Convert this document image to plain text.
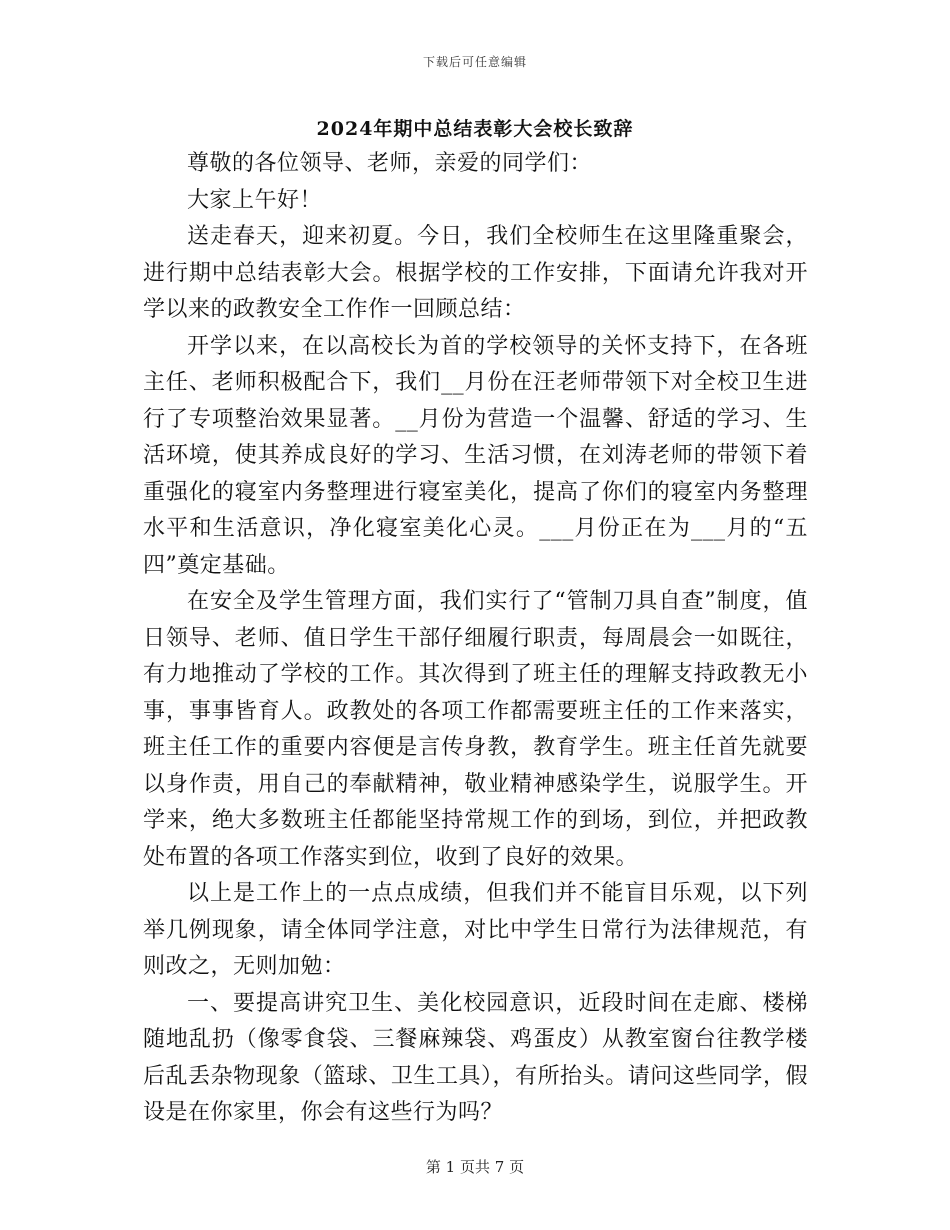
下载后可任意编辑
2024年期中总结表彰大会校长致辞

尊敬的各位领导、老师，亲爱的同学们：

大家上午好！

送走春天，迎来初夏。今日，我们全校师生在这里隆重聚会，进行期中总结表彰大会。根据学校的工作安排，下面请允许我对开学以来的政教安全工作作一回顾总结：

开学以来，在以高校长为首的学校领导的关怀支持下，在各班主任、老师积极配合下，我们__月份在汪老师带领下对全校卫生进行了专项整治效果显著。__月份为营造一个温馨、舒适的学习、生活环境，使其养成良好的学习、生活习惯，在刘涛老师的带领下着重强化的寝室内务整理进行寝室美化，提高了你们的寝室内务整理水平和生活意识，净化寝室美化心灵。___月份正在为___月的“五四”奠定基础。

在安全及学生管理方面，我们实行了“管制刀具自查”制度，值日领导、老师、值日学生干部仔细履行职责，每周晨会一如既往，有力地推动了学校的工作。其次得到了班主任的理解支持政教无小事，事事皆育人。政教处的各项工作都需要班主任的工作来落实，班主任工作的重要内容便是言传身教，教育学生。班主任首先就要以身作责，用自己的奉献精神，敬业精神感染学生，说服学生。开学来，绝大多数班主任都能坚持常规工作的到场，到位，并把政教处布置的各项工作落实到位，收到了良好的效果。

以上是工作上的一点点成绩，但我们并不能盲目乐观，以下列举几例现象，请全体同学注意，对比中学生日常行为法律规范，有则改之，无则加勉：

一、要提高讲究卫生、美化校园意识，近段时间在走廊、楼梯随地乱扔（像零食袋、三餐麻辣袋、鸡蛋皮）从教室窗台往教学楼后乱丢杂物现象（篮球、卫生工具），有所抬头。请问这些同学，假设是在你家里，你会有这些行为吗？

第 1 页共 7 页
